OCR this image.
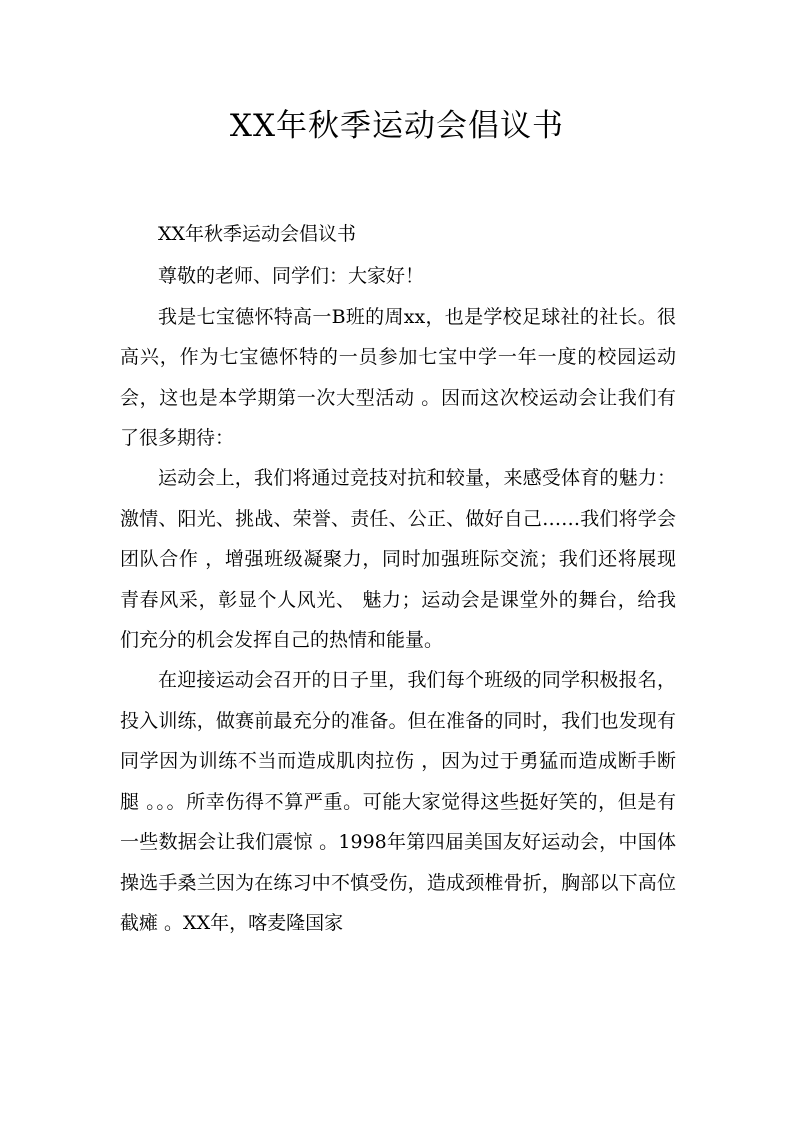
XX年秋季运动会倡议书

XX年秋季运动会倡议书

尊敬的老师、同学们：大家好！

我是七宝德怀特高一B班的周xx，也是学校足球社的社长。很高兴，作为七宝德怀特的一员参加七宝中学一年一度的校园运动会，这也是本学期第一次大型活动 。因而这次校运动会让我们有了很多期待：

运动会上，我们将通过竞技对抗和较量，来感受体育的魅力：激情、阳光、挑战、荣誉、责任、公正、做好自己……我们将学会团队合作 ，增强班级凝聚力，同时加强班际交流；我们还将展现青春风采，彰显个人风光、 魅力；运动会是课堂外的舞台，给我们充分的机会发挥自己的热情和能量。

在迎接运动会召开的日子里，我们每个班级的同学积极报名，投入训练，做赛前最充分的准备。但在准备的同时，我们也发现有同学因为训练不当而造成肌肉拉伤 ，因为过于勇猛而造成断手断腿 。。。所幸伤得不算严重。可能大家觉得这些挺好笑的，但是有一些数据会让我们震惊 。1998年第四届美国友好运动会，中国体操选手桑兰因为在练习中不慎受伤，造成颈椎骨折，胸部以下高位截瘫 。XX年，喀麦隆国家
